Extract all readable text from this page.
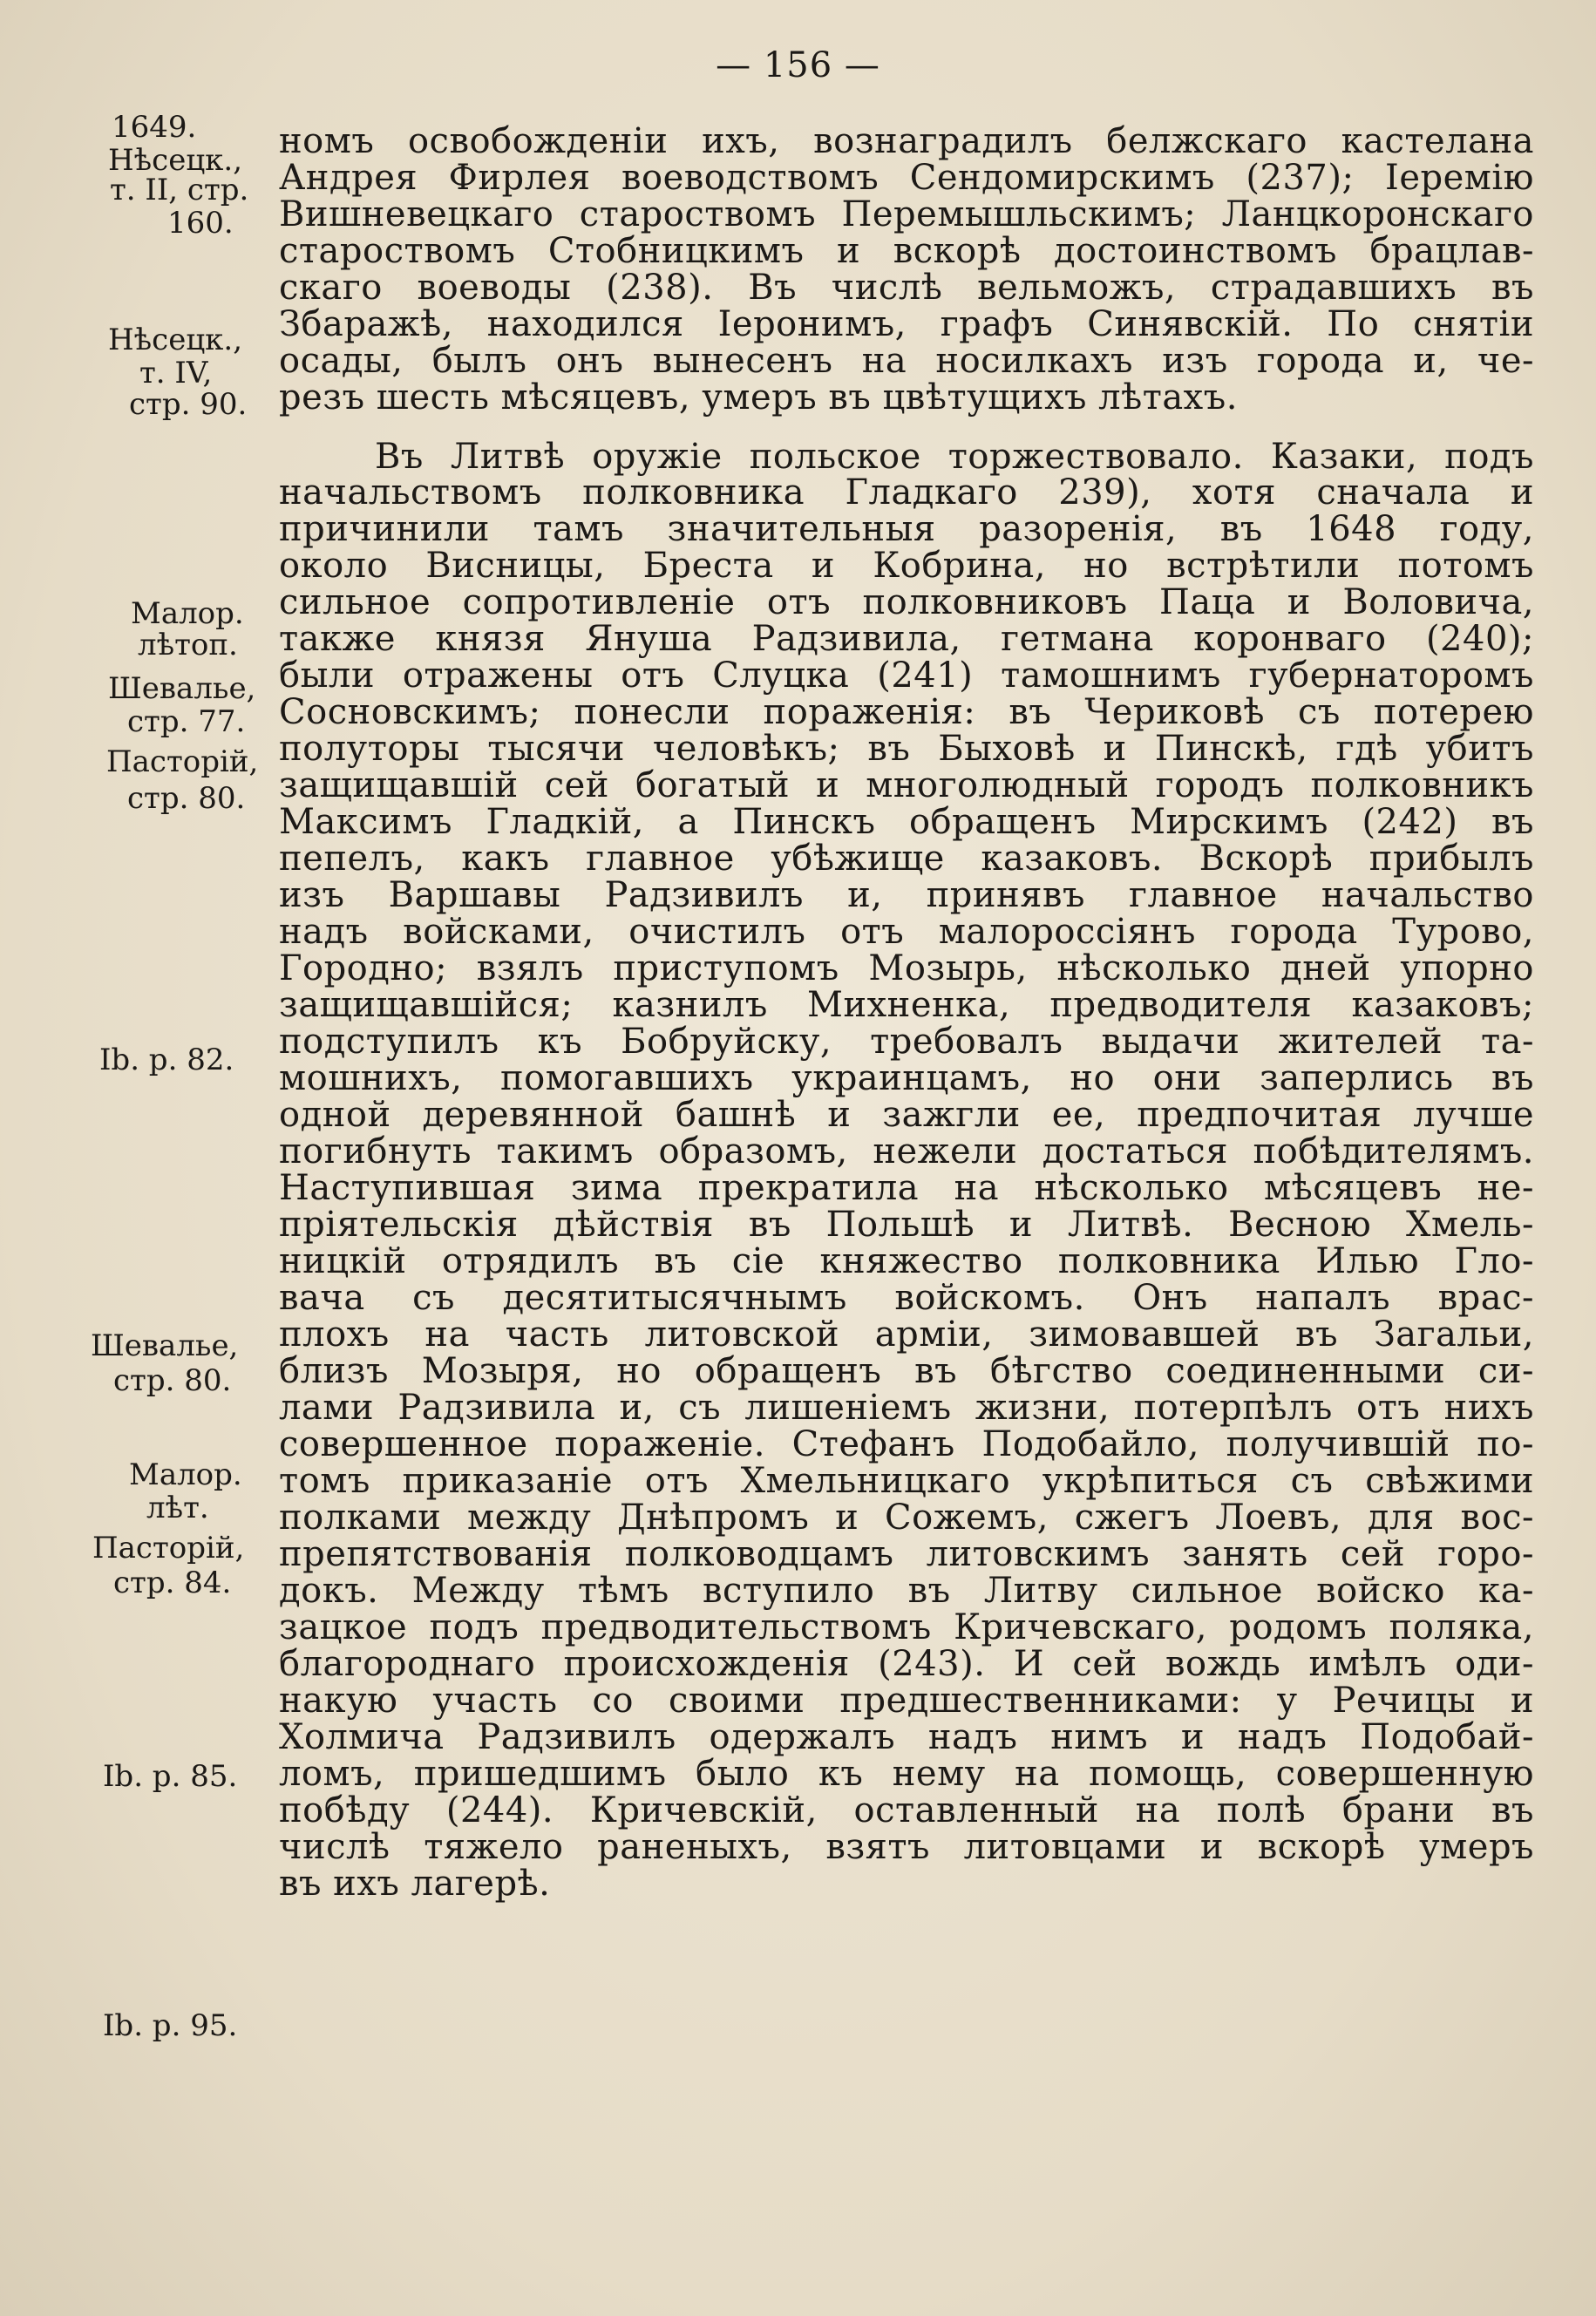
— 156 —
1649.
Нѣсецк.,
т. II, стр.
160.
Нѣсецк.,
т. IV,
стр. 90.
Малор.
лѣтоп.
Шевалье,
стр. 77.
Пасторій,
стр. 80.
Ib. p. 82.
Шевалье,
стр. 80.
Малор.
лѣт.
Пасторій,
стр. 84.
Ib. p. 85.
Ib. p. 95.
номъ освобожденіи ихъ, вознаградилъ белжскаго кастелана
Андрея Фирлея воеводствомъ Сендомирскимъ (237); Іеремію
Вишневецкаго староствомъ Перемышльскимъ; Ланцкоронскаго
староствомъ Стобницкимъ и вскорѣ достоинствомъ брацлав-
скаго воеводы (238). Въ числѣ вельможъ, страдавшихъ въ
Збаражѣ, находился Іеронимъ, графъ Синявскій. По снятіи
осады, былъ онъ вынесенъ на носилкахъ изъ города и, че-
резъ шесть мѣсяцевъ, умеръ въ цвѣтущихъ лѣтахъ.
Въ Литвѣ оружіе польское торжествовало. Казаки, подъ
начальствомъ полковника Гладкаго 239), хотя сначала и
причинили тамъ значительныя разоренія, въ 1648 году,
около Висницы, Бреста и Кобрина, но встрѣтили потомъ
сильное сопротивленіе отъ полковниковъ Паца и Воловича,
также князя Януша Радзивила, гетмана коронваго (240);
были отражены отъ Слуцка (241) тамошнимъ губернаторомъ
Сосновскимъ; понесли пораженія: въ Чериковѣ съ потерею
полуторы тысячи человѣкъ; въ Быховѣ и Пинскѣ, гдѣ убитъ
защищавшій сей богатый и многолюдный городъ полковникъ
Максимъ Гладкій, а Пинскъ обращенъ Мирскимъ (242) въ
пепелъ, какъ главное убѣжище казаковъ. Вскорѣ прибылъ
изъ Варшавы Радзивилъ и, принявъ главное начальство
надъ войсками, очистилъ отъ малороссіянъ города Турово,
Городно; взялъ приступомъ Мозырь, нѣсколько дней упорно
защищавшійся; казнилъ Михненка, предводителя казаковъ;
подступилъ къ Бобруйску, требовалъ выдачи жителей та-
мошнихъ, помогавшихъ украинцамъ, но они заперлись въ
одной деревянной башнѣ и зажгли ее, предпочитая лучше
погибнуть такимъ образомъ, нежели достаться побѣдителямъ.
Наступившая зима прекратила на нѣсколько мѣсяцевъ не-
пріятельскія дѣйствія въ Польшѣ и Литвѣ. Весною Хмель-
ницкій отрядилъ въ сіе княжество полковника Илью Гло-
вача съ десятитысячнымъ войскомъ. Онъ напалъ врас-
плохъ на часть литовской арміи, зимовавшей въ Загальи,
близъ Мозыря, но обращенъ въ бѣгство соединенными си-
лами Радзивила и, съ лишеніемъ жизни, потерпѣлъ отъ нихъ
совершенное пораженіе. Стефанъ Подобайло, получившій по-
томъ приказаніе отъ Хмельницкаго укрѣпиться съ свѣжими
полками между Днѣпромъ и Сожемъ, сжегъ Лоевъ, для вос-
препятствованія полководцамъ литовскимъ занять сей горо-
докъ. Между тѣмъ вступило въ Литву сильное войско ка-
зацкое подъ предводительствомъ Кричевскаго, родомъ поляка,
благороднаго происхожденія (243). И сей вождь имѣлъ оди-
накую участь со своими предшественниками: у Речицы и
Холмича Радзивилъ одержалъ надъ нимъ и надъ Подобай-
ломъ, пришедшимъ было къ нему на помощь, совершенную
побѣду (244). Кричевскій, оставленный на полѣ брани въ
числѣ тяжело раненыхъ, взятъ литовцами и вскорѣ умеръ
въ ихъ лагерѣ.
